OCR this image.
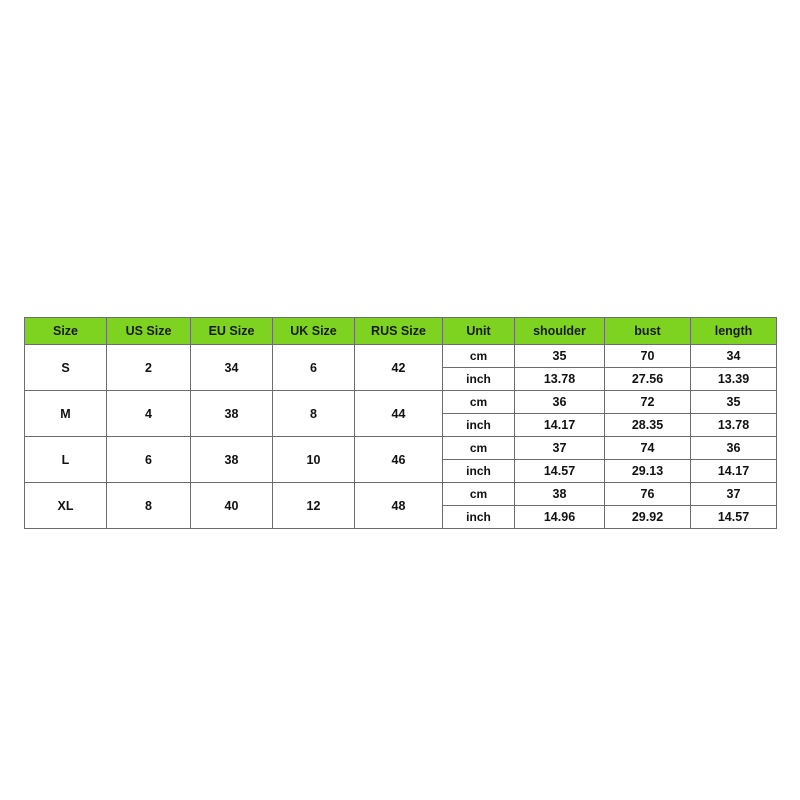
Size	US Size	EU Size	UK Size	RUS Size	Unit	shoulder	bust	length
S	2	34	6	42	cm	35	70	34
					inch	13.78	27.56	13.39
M	4	38	8	44	cm	36	72	35
					inch	14.17	28.35	13.78
L	6	38	10	46	cm	37	74	36
					inch	14.57	29.13	14.17
XL	8	40	12	48	cm	38	76	37
					inch	14.96	29.92	14.57
